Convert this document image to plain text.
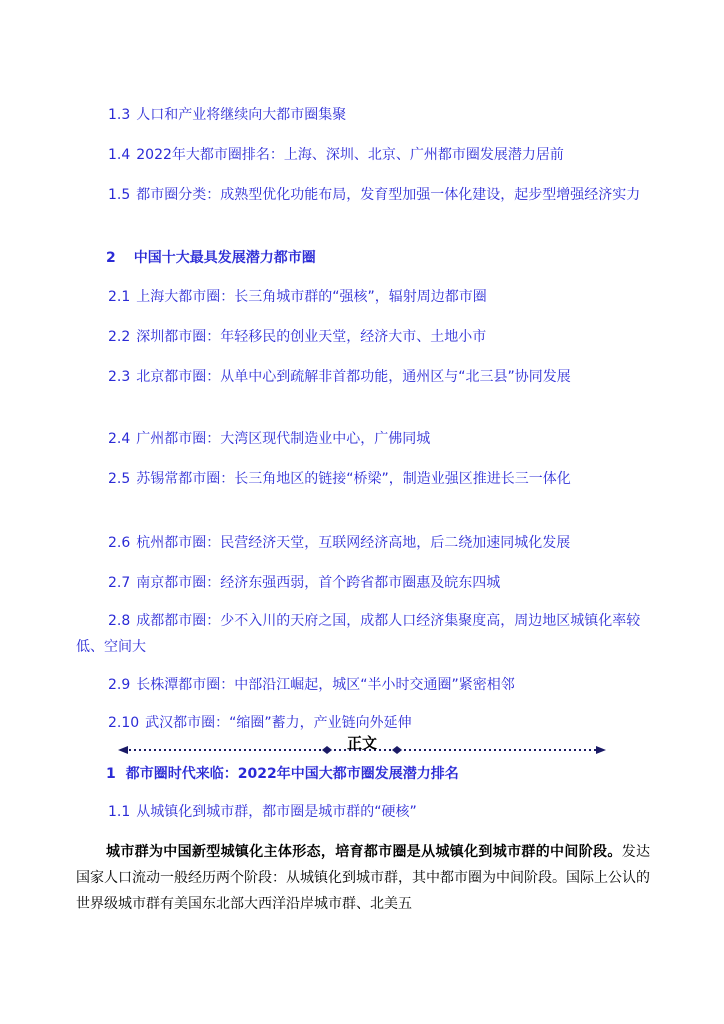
1.3 人口和产业将继续向大都市圈集聚

1.4 2022年大都市圈排名：上海、深圳、北京、广州都市圈发展潜力居前

1.5 都市圈分类：成熟型优化功能布局，发育型加强一体化建设，起步型增强经济实力

2 中国十大最具发展潜力都市圈

2.1 上海大都市圈：长三角城市群的“强核”，辐射周边都市圈

2.2 深圳都市圈：年轻移民的创业天堂，经济大市、土地小市

2.3 北京都市圈：从单中心到疏解非首都功能，通州区与“北三县”协同发展

2.4 广州都市圈：大湾区现代制造业中心，广佛同城

2.5 苏锡常都市圈：长三角地区的链接“桥梁”，制造业强区推进长三一体化

2.6 杭州都市圈：民营经济天堂，互联网经济高地，后二绕加速同城化发展

2.7 南京都市圈：经济东强西弱，首个跨省都市圈惠及皖东四城

2.8 成都都市圈：少不入川的天府之国，成都人口经济集聚度高，周边地区城镇化率较低、空间大

2.9 长株潭都市圈：中部沿江崛起，城区“半小时交通圈”紧密相邻

2.10 武汉都市圈：“缩圈”蓄力，产业链向外延伸

正文

1 都市圈时代来临：2022年中国大都市圈发展潜力排名

1.1 从城镇化到城市群，都市圈是城市群的“硬核”

城市群为中国新型城镇化主体形态，培育都市圈是从城镇化到城市群的中间阶段。发达国家人口流动一般经历两个阶段：从城镇化到城市群，其中都市圈为中间阶段。国际上公认的世界级城市群有美国东北部大西洋沿岸城市群、北美五
